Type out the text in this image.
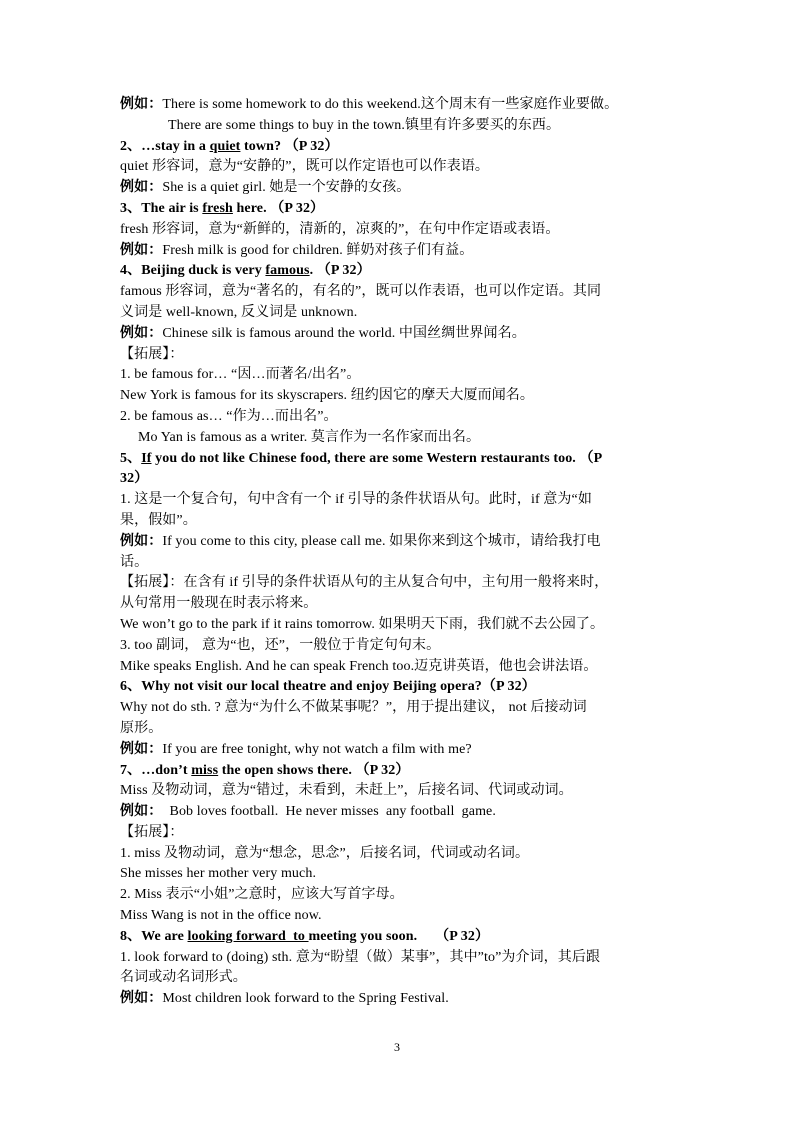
例如：There is some homework to do this weekend.这个周末有一些家庭作业要做。
There are some things to buy in the town.镇里有许多要买的东西。
2、…stay in a quiet town? （P 32）
quiet 形容词，意为“安静的”，既可以作定语也可以作表语。
例如：She is a quiet girl. 她是一个安静的女孩。
3、The air is fresh here. （P 32）
fresh 形容词，意为“新鲜的，清新的，凉爽的”，在句中作定语或表语。
例如：Fresh milk is good for children. 鲜奶对孩子们有益。
4、Beijing duck is very famous. （P 32）
famous 形容词，意为“著名的，有名的”，既可以作表语，也可以作定语。其同
义词是 well-known, 反义词是 unknown.
例如：Chinese silk is famous around the world. 中国丝绸世界闻名。
【拓展】：
1. be famous for… “因…而著名/出名”。
New York is famous for its skyscrapers. 纽约因它的摩天大厦而闻名。
2. be famous as… “作为…而出名”。
Mo Yan is famous as a writer. 莫言作为一名作家而出名。
5、If you do not like Chinese food, there are some Western restaurants too. （P
32）
1. 这是一个复合句，句中含有一个 if 引导的条件状语从句。此时，if 意为“如
果，假如”。
例如：If you come to this city, please call me. 如果你来到这个城市，请给我打电
话。
【拓展】：在含有 if 引导的条件状语从句的主从复合句中，主句用一般将来时，
从句常用一般现在时表示将来。
We won’t go to the park if it rains tomorrow. 如果明天下雨，我们就不去公园了。
3. too 副词， 意为“也，还”，一般位于肯定句句末。
Mike speaks English. And he can speak French too.迈克讲英语，他也会讲法语。
6、Why not visit our local theatre and enjoy Beijing opera?（P 32）
Why not do sth. ? 意为“为什么不做某事呢？”，用于提出建议， not 后接动词
原形。
例如：If you are free tonight, why not watch a film with me?
7、…don’t miss the open shows there. （P 32）
Miss 及物动词，意为“错过，未看到，未赶上”，后接名词、代词或动词。
例如：  Bob loves football.  He never misses  any football  game.
【拓展】：
1. miss 及物动词，意为“想念，思念”，后接名词，代词或动名词。
She misses her mother very much.
2. Miss 表示“小姐”之意时，应该大写首字母。
Miss Wang is not in the office now.
8、We are looking forward  to meeting you soon.     （P 32）
1. look forward to (doing) sth. 意为“盼望（做）某事”，其中”to”为介词，其后跟
名词或动名词形式。
例如：Most children look forward to the Spring Festival.
3
